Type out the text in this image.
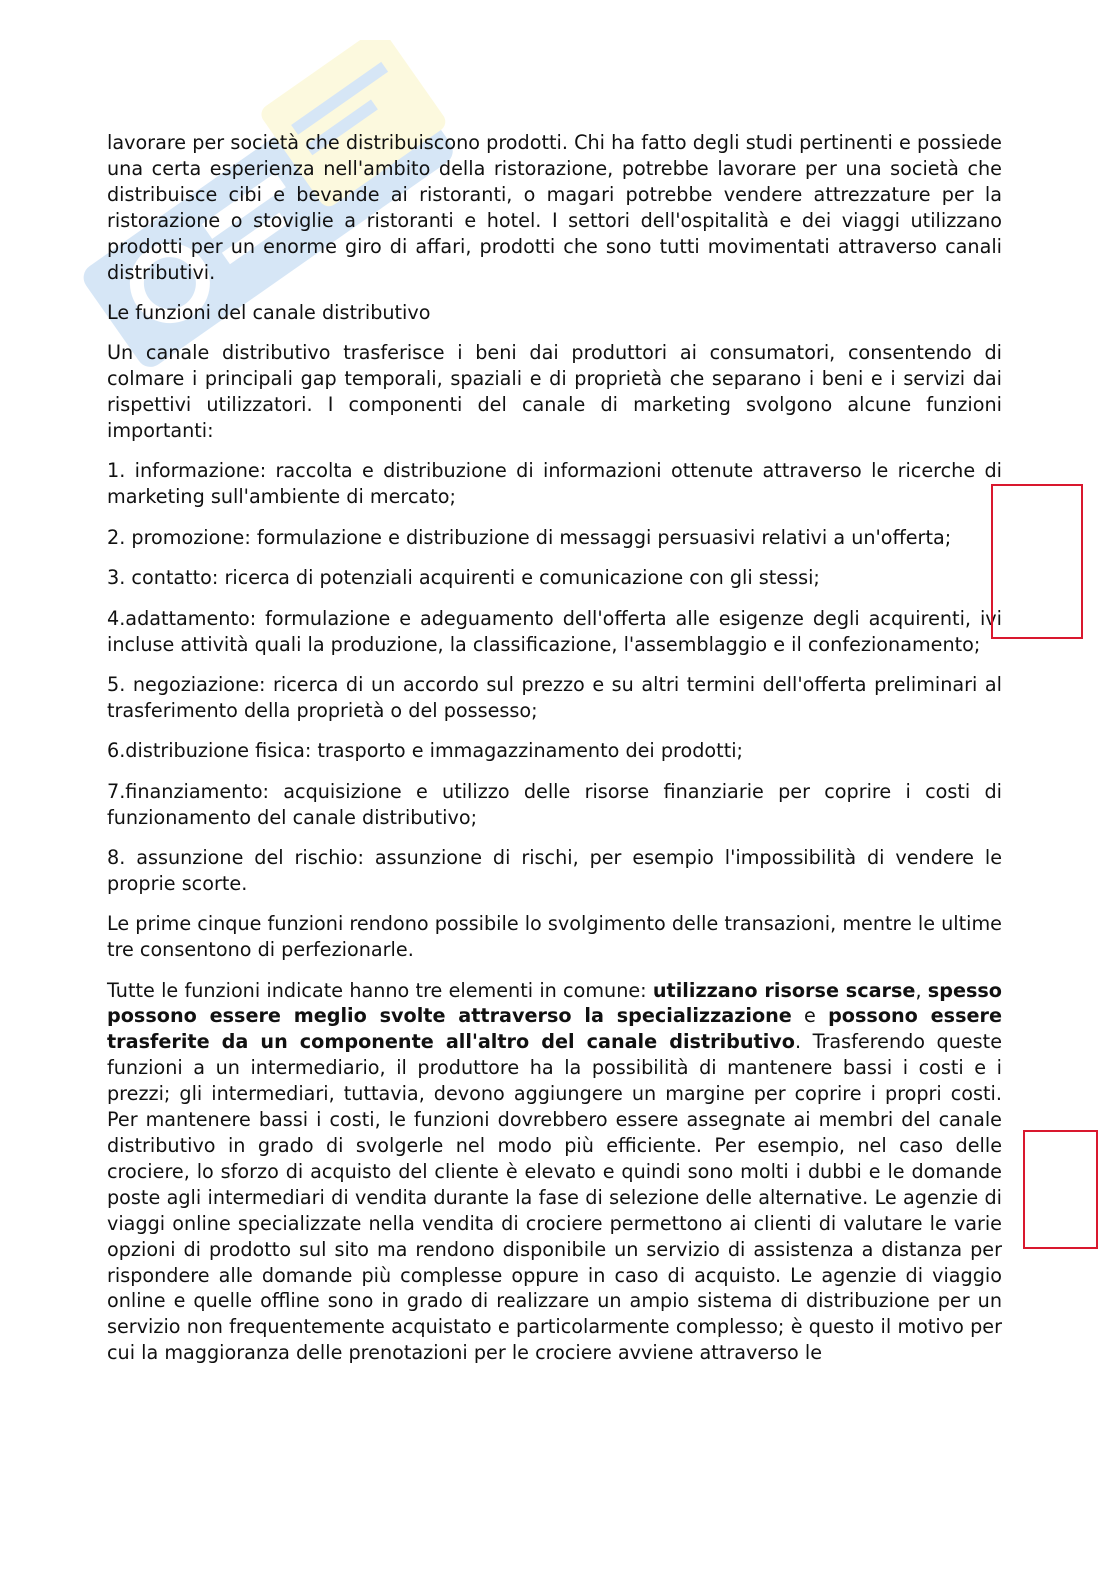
lavorare per società che distribuiscono prodotti. Chi ha fatto degli studi pertinenti e possiede una certa esperienza nell'ambito della ristorazione, potrebbe lavorare per una società che distribuisce cibi e bevande ai ristoranti, o magari potrebbe vendere attrezzature per la ristorazione o stoviglie a ristoranti e hotel. I settori dell'ospitalità e dei viaggi utilizzano prodotti per un enorme giro di affari, prodotti che sono tutti movimentati attraverso canali distributivi.

Le funzioni del canale distributivo

Un canale distributivo trasferisce i beni dai produttori ai consumatori, consentendo di colmare i principali gap temporali, spaziali e di proprietà che separano i beni e i servizi dai rispettivi utilizzatori. I componenti del canale di marketing svolgono alcune funzioni importanti:

1. informazione: raccolta e distribuzione di informazioni ottenute attraverso le ricerche di marketing sull'ambiente di mercato;

2. promozione: formulazione e distribuzione di messaggi persuasivi relativi a un'offerta;

3. contatto: ricerca di potenziali acquirenti e comunicazione con gli stessi;

4.adattamento: formulazione e adeguamento dell'offerta alle esigenze degli acquirenti, ivi incluse attività quali la produzione, la classificazione, l'assemblaggio e il confezionamento;

5. negoziazione: ricerca di un accordo sul prezzo e su altri termini dell'offerta preliminari al trasferimento della proprietà o del possesso;

6.distribuzione fisica: trasporto e immagazzinamento dei prodotti;

7.finanziamento: acquisizione e utilizzo delle risorse finanziarie per coprire i costi di funzionamento del canale distributivo;

8. assunzione del rischio: assunzione di rischi, per esempio l'impossibilità di vendere le proprie scorte.

Le prime cinque funzioni rendono possibile lo svolgimento delle transazioni, mentre le ultime tre consentono di perfezionarle.

Tutte le funzioni indicate hanno tre elementi in comune: utilizzano risorse scarse, spesso possono essere meglio svolte attraverso la specializzazione e possono essere trasferite da un componente all'altro del canale distributivo. Trasferendo queste funzioni a un intermediario, il produttore ha la possibilità di mantenere bassi i costi e i prezzi; gli intermediari, tuttavia, devono aggiungere un margine per coprire i propri costi. Per mantenere bassi i costi, le funzioni dovrebbero essere assegnate ai membri del canale distributivo in grado di svolgerle nel modo più efficiente. Per esempio, nel caso delle crociere, lo sforzo di acquisto del cliente è elevato e quindi sono molti i dubbi e le domande poste agli intermediari di vendita durante la fase di selezione delle alternative. Le agenzie di viaggi online specializzate nella vendita di crociere permettono ai clienti di valutare le varie opzioni di prodotto sul sito ma rendono disponibile un servizio di assistenza a distanza per rispondere alle domande più complesse oppure in caso di acquisto. Le agenzie di viaggio online e quelle offline sono in grado di realizzare un ampio sistema di distribuzione per un servizio non frequentemente acquistato e particolarmente complesso; è questo il motivo per cui la maggioranza delle prenotazioni per le crociere avviene attraverso le
